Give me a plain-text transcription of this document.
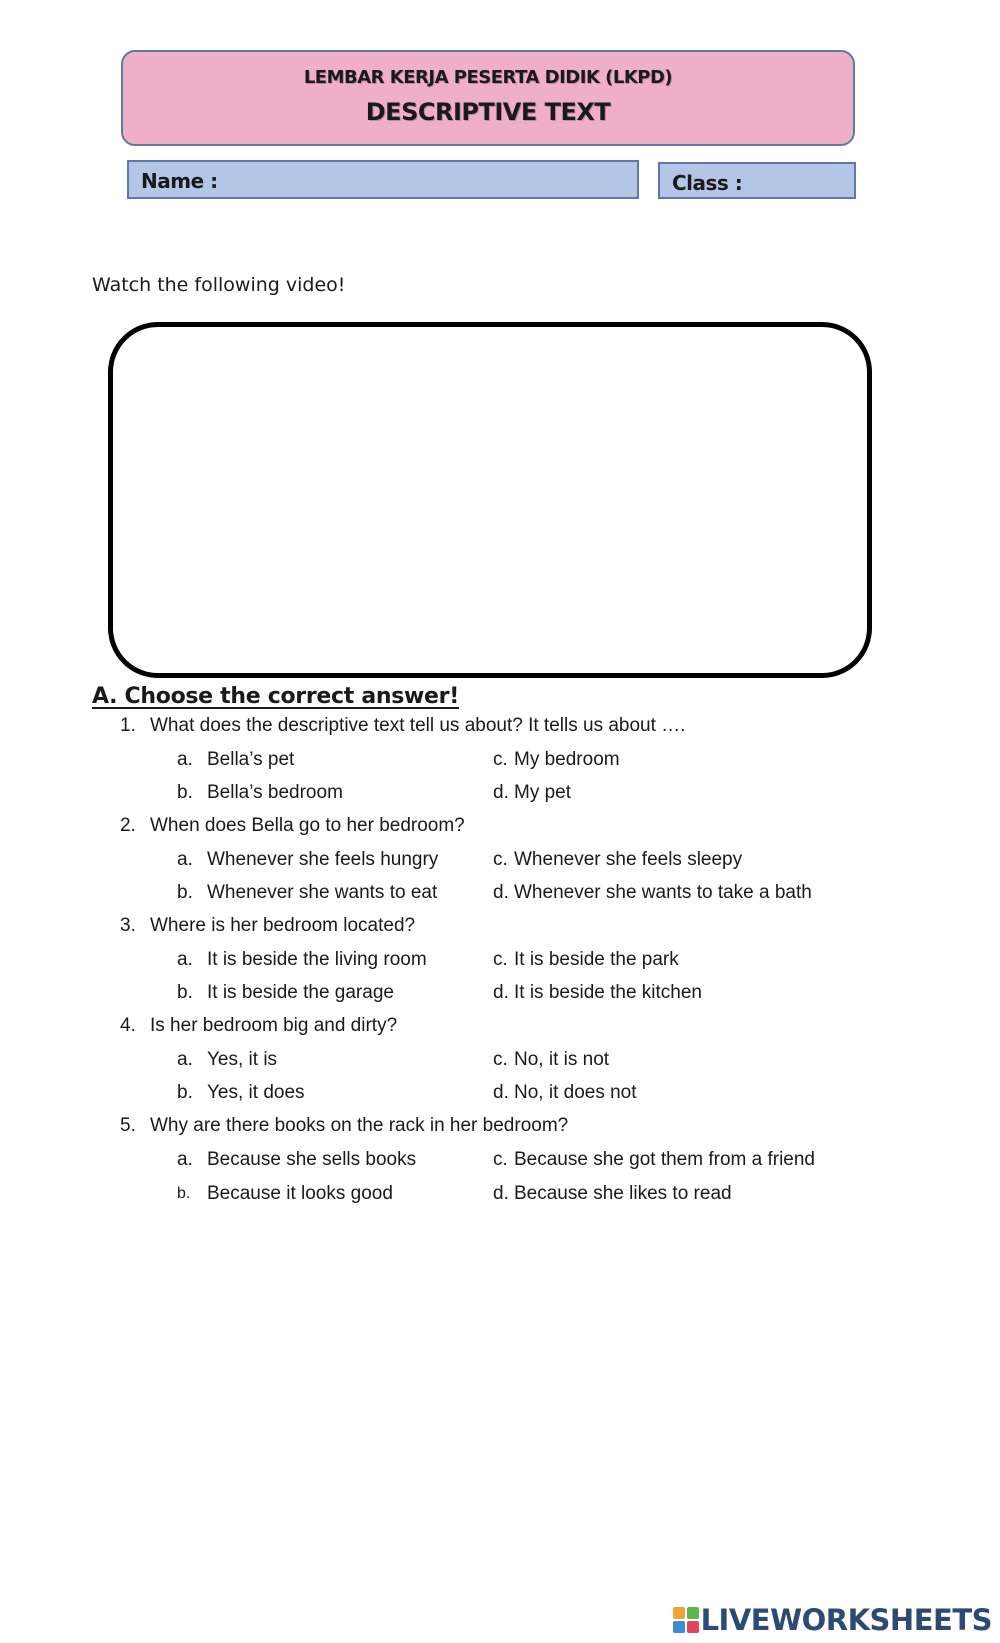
LEMBAR KERJA PESERTA DIDIK (LKPD)
DESCRIPTIVE TEXT
Name :	Class :
Watch the following video!
A. Choose the correct answer!
1. What does the descriptive text tell us about? It tells us about ….
a. Bella’s pet	c. My bedroom
b. Bella’s bedroom	d. My pet
2. When does Bella go to her bedroom?
a. Whenever she feels hungry	c. Whenever she feels sleepy
b. Whenever she wants to eat	d. Whenever she wants to take a bath
3. Where is her bedroom located?
a. It is beside the living room	c. It is beside the park
b. It is beside the garage	d. It is beside the kitchen
4. Is her bedroom big and dirty?
a. Yes, it is	c. No, it is not
b. Yes, it does	d. No, it does not
5. Why are there books on the rack in her bedroom?
a. Because she sells books	c. Because she got them from a friend
b. Because it looks good	d. Because she likes to read
LIVEWORKSHEETS
